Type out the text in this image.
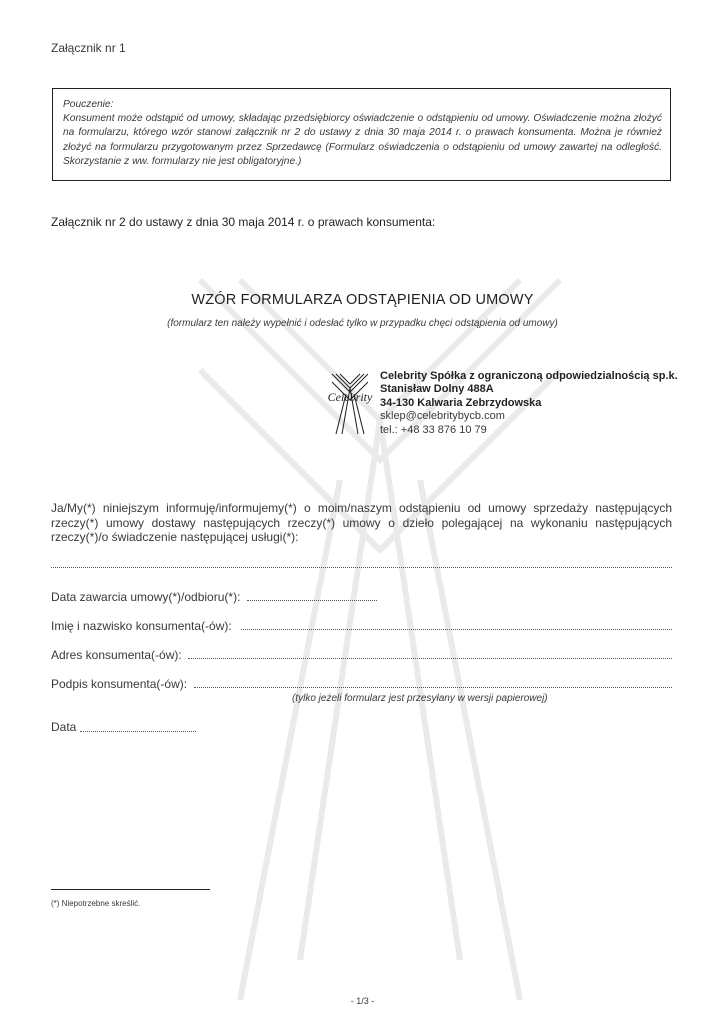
Załącznik nr 1

Pouczenie:

Konsument może odstąpić od umowy, składając przedsiębiorcy oświadczenie o odstąpieniu od umowy. Oświadczenie można złożyć na formularzu, którego wzór stanowi załącznik nr 2 do ustawy z dnia 30 maja 2014 r. o prawach konsumenta. Można je również złożyć na formularzu przygotowanym przez Sprzedawcę (Formularz oświadczenia o odstąpieniu od umowy zawartej na odległość. Skorzystanie z ww. formularzy nie jest obligatoryjne.)

Załącznik nr 2 do ustawy z dnia 30 maja 2014 r. o prawach konsumenta:
WZÓR FORMULARZA ODSTĄPIENIA OD UMOWY
(formularz ten należy wypełnić i odesłać tylko w przypadku chęci odstąpienia od umowy)
Celebrity
Celebrity Spółka z ograniczoną odpowiedzialnością sp.k.
Stanisław Dolny 488A
34-130 Kalwaria Zebrzydowska
sklep@celebritybycb.com
tel.: +48 33 876 10 79
Ja/My(*) niniejszym informuję/informujemy(*) o moim/naszym odstąpieniu od umowy sprzedaży następujących rzeczy(*) umowy dostawy następujących rzeczy(*) umowy o dzieło polegającej na wykonaniu następujących rzeczy(*)/o świadczenie następującej usługi(*):
Data zawarcia umowy(*)/odbioru(*):
Imię i nazwisko konsumenta(-ów):
Adres konsumenta(-ów):
Podpis konsumenta(-ów):
(tylko jeżeli formularz jest przesyłany w wersji papierowej)
Data
(*) Niepotrzebne skreślić.
- 1/3 -
